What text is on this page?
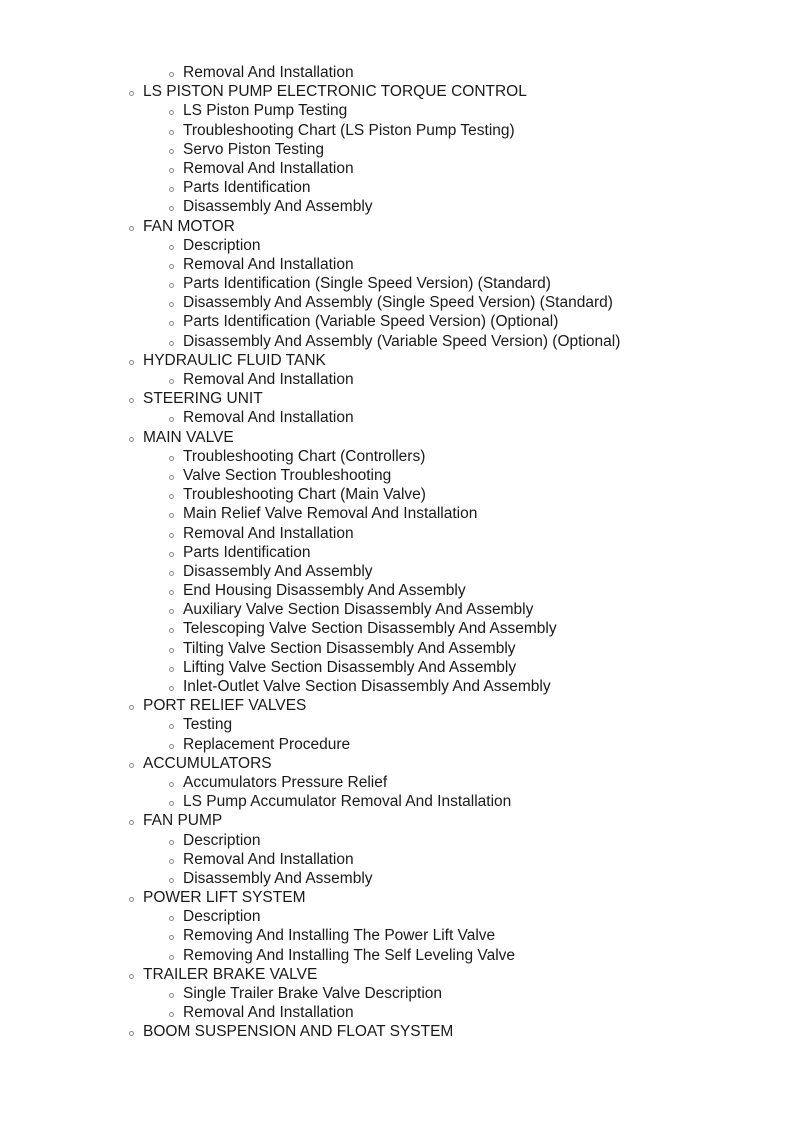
Removal And Installation
LS PISTON PUMP ELECTRONIC TORQUE CONTROL
LS Piston Pump Testing
Troubleshooting Chart (LS Piston Pump Testing)
Servo Piston Testing
Removal And Installation
Parts Identification
Disassembly And Assembly
FAN MOTOR
Description
Removal And Installation
Parts Identification (Single Speed Version) (Standard)
Disassembly And Assembly (Single Speed Version) (Standard)
Parts Identification (Variable Speed Version) (Optional)
Disassembly And Assembly (Variable Speed Version) (Optional)
HYDRAULIC FLUID TANK
Removal And Installation
STEERING UNIT
Removal And Installation
MAIN VALVE
Troubleshooting Chart (Controllers)
Valve Section Troubleshooting
Troubleshooting Chart (Main Valve)
Main Relief Valve Removal And Installation
Removal And Installation
Parts Identification
Disassembly And Assembly
End Housing Disassembly And Assembly
Auxiliary Valve Section Disassembly And Assembly
Telescoping Valve Section Disassembly And Assembly
Tilting Valve Section Disassembly And Assembly
Lifting Valve Section Disassembly And Assembly
Inlet-Outlet Valve Section Disassembly And Assembly
PORT RELIEF VALVES
Testing
Replacement Procedure
ACCUMULATORS
Accumulators Pressure Relief
LS Pump Accumulator Removal And Installation
FAN PUMP
Description
Removal And Installation
Disassembly And Assembly
POWER LIFT SYSTEM
Description
Removing And Installing The Power Lift Valve
Removing And Installing The Self Leveling Valve
TRAILER BRAKE VALVE
Single Trailer Brake Valve Description
Removal And Installation
BOOM SUSPENSION AND FLOAT SYSTEM
